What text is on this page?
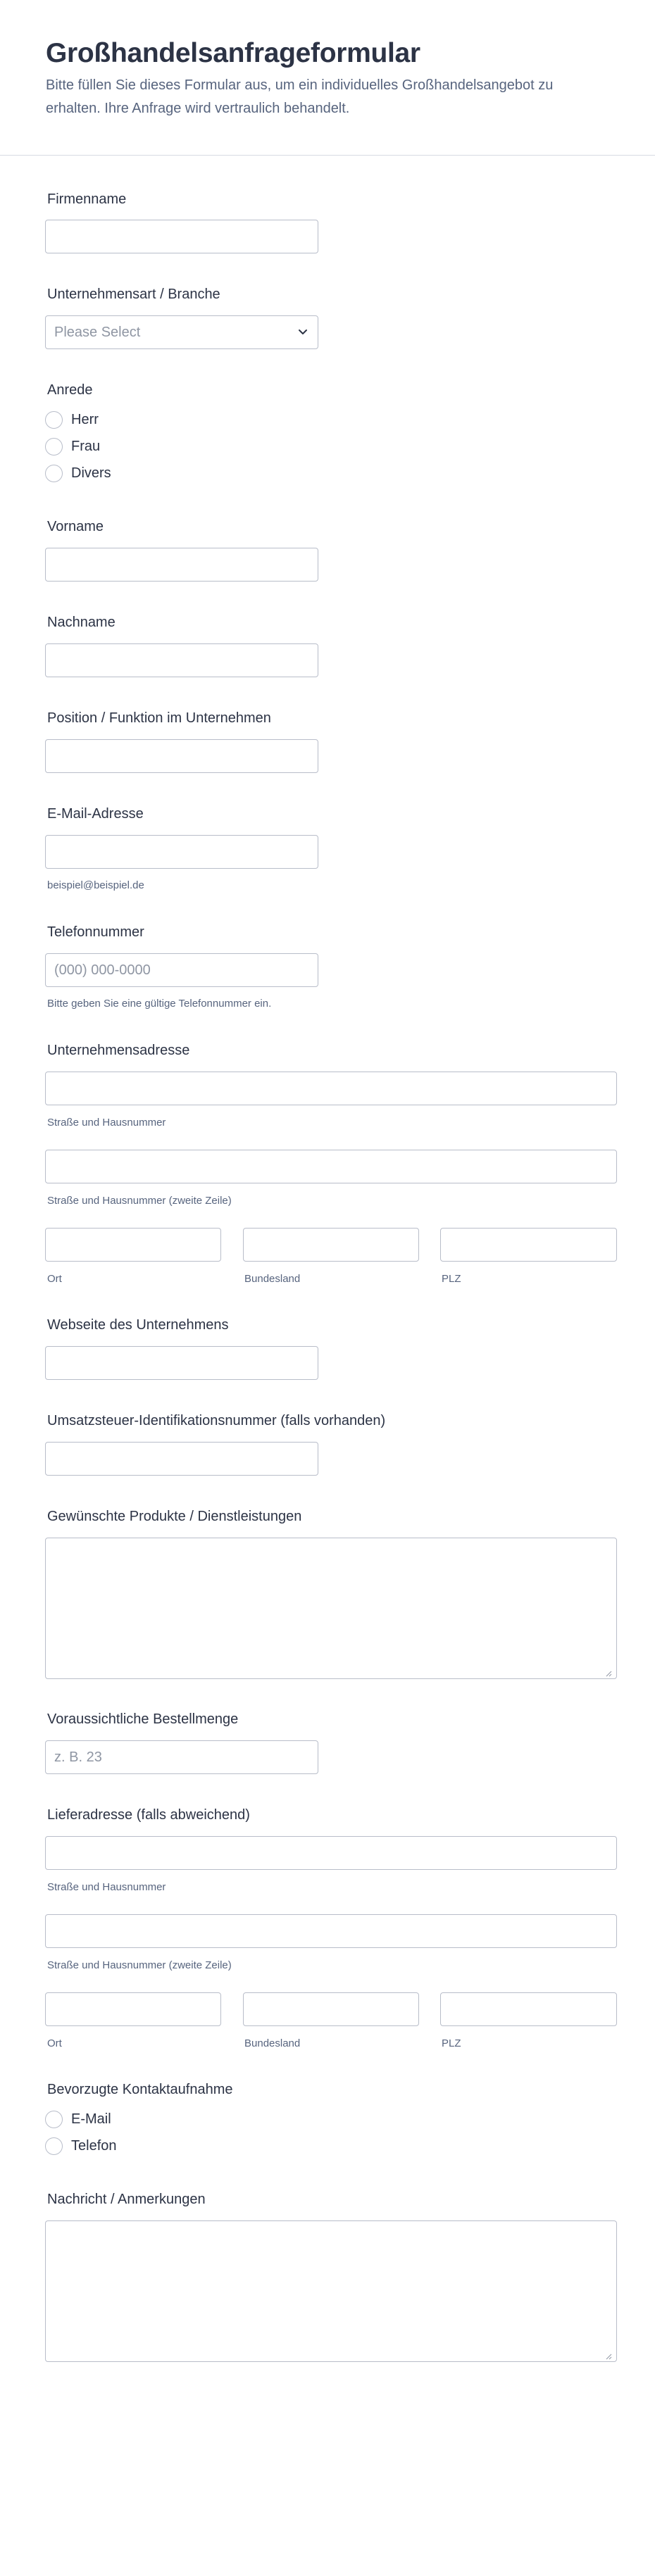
Großhandelsanfrageformular
Bitte füllen Sie dieses Formular aus, um ein individuelles Großhandelsangebot zu erhalten. Ihre Anfrage wird vertraulich behandelt.
Firmenname
Unternehmensart / Branche
Please Select
Anrede
Herr
Frau
Divers
Vorname
Nachname
Position / Funktion im Unternehmen
E-Mail-Adresse
beispiel@beispiel.de
Telefonnummer
(000) 000-0000
Bitte geben Sie eine gültige Telefonnummer ein.
Unternehmensadresse
Straße und Hausnummer
Straße und Hausnummer (zweite Zeile)
Ort	Bundesland	PLZ
Webseite des Unternehmens
Umsatzsteuer-Identifikationsnummer (falls vorhanden)
Gewünschte Produkte / Dienstleistungen
Voraussichtliche Bestellmenge
z. B. 23
Lieferadresse (falls abweichend)
Straße und Hausnummer
Straße und Hausnummer (zweite Zeile)
Ort	Bundesland	PLZ
Bevorzugte Kontaktaufnahme
E-Mail
Telefon
Nachricht / Anmerkungen
